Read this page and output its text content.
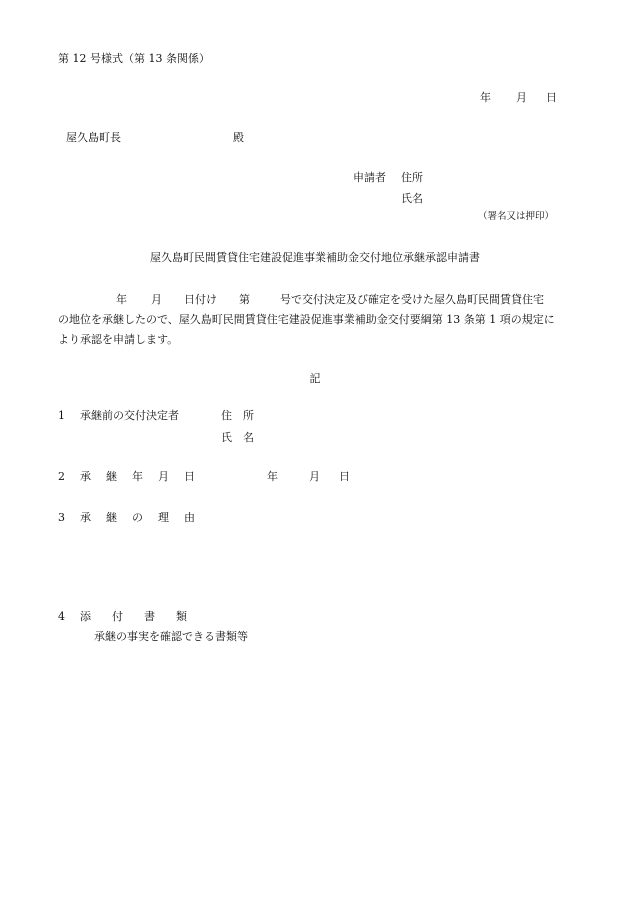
第 12 号様式（第 13 条関係）
年 月 日
屋久島町長	殿
申請者 住所
氏名
（署名又は押印）
屋久島町民間賃貸住宅建設促進事業補助金交付地位承継承認申請書
年 月 日付け 第	号で交付決定及び確定を受けた屋久島町民間賃貸住宅
の地位を承継したので、屋久島町民間賃貸住宅建設促進事業補助金交付要綱第 13 条第 1 項の規定に
より承認を申請します。
記
1 承継前の交付決定者	住　所
氏　名
2 承 継 年 月 日	年	月 日
3 承 継 の 理 由
4 添 付 書 類
承継の事実を確認できる書類等
